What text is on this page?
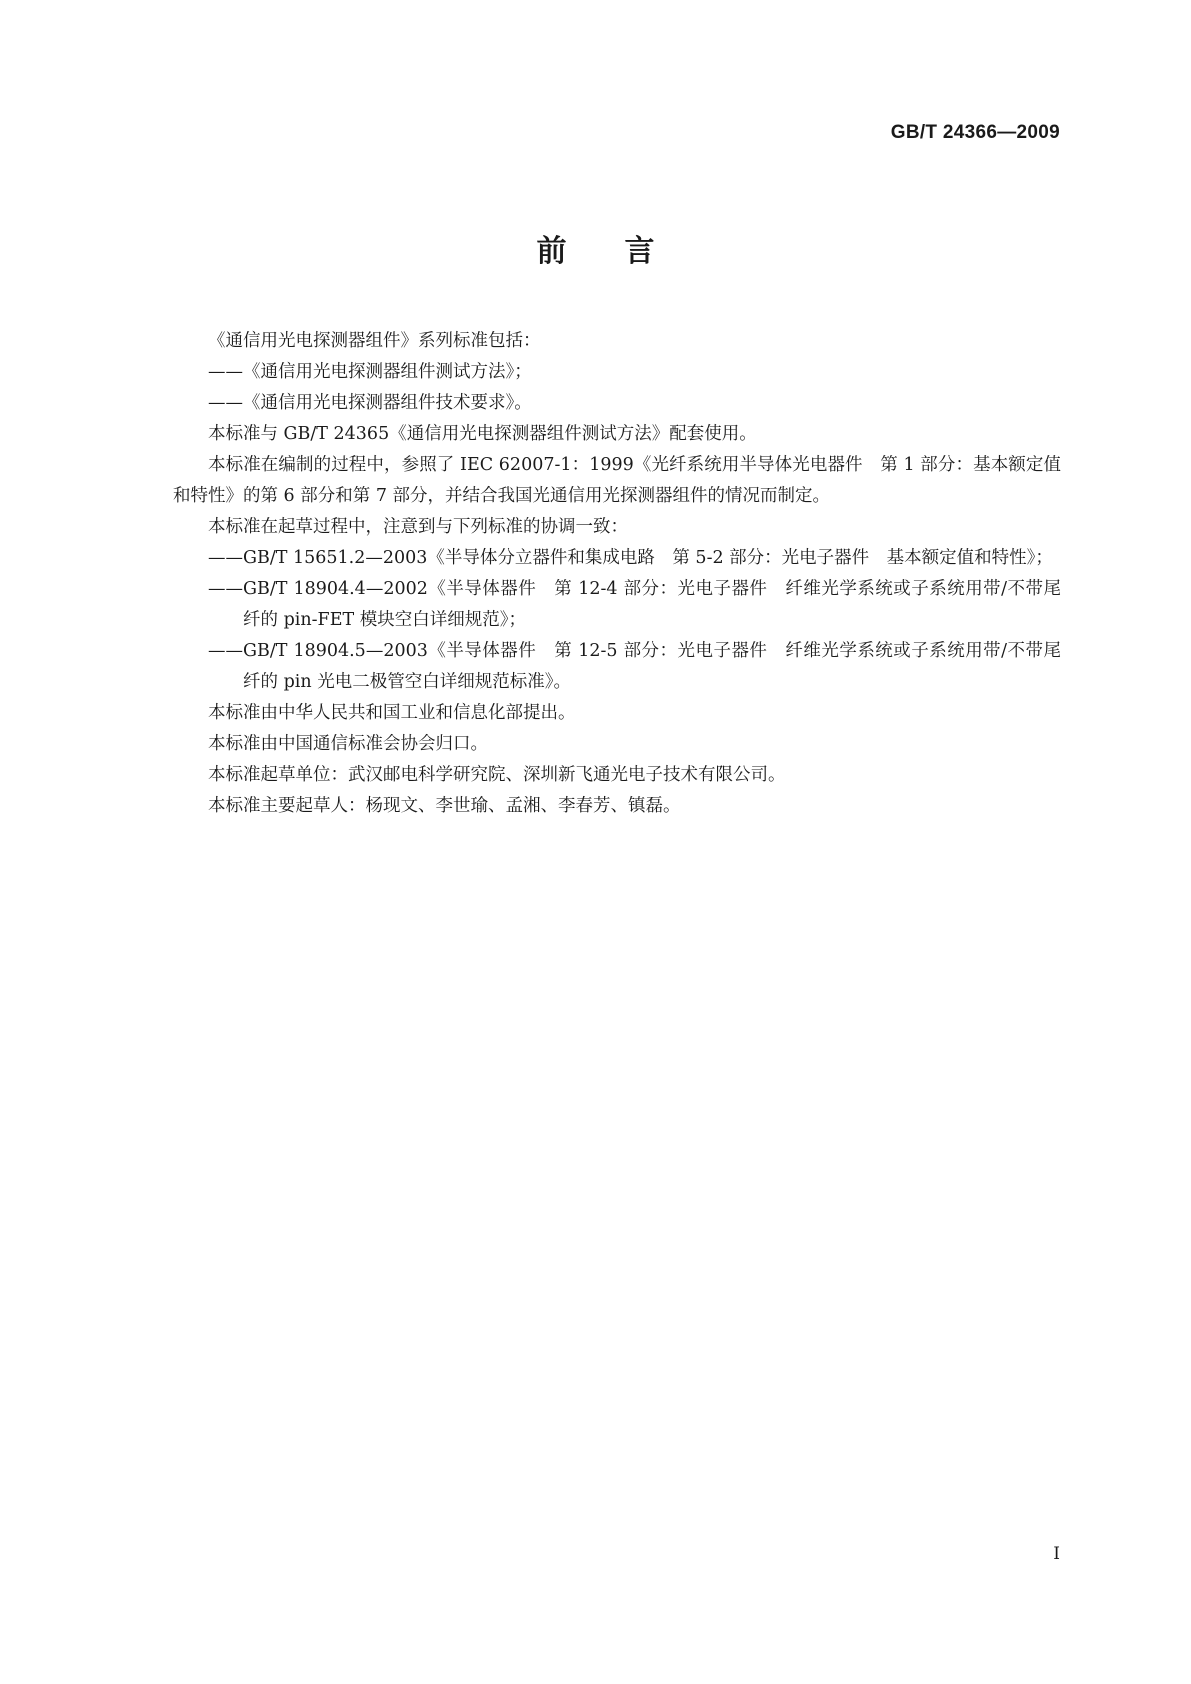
GB/T 24366—2009
前 言

《通信用光电探测器组件》系列标准包括：

——《通信用光电探测器组件测试方法》；

——《通信用光电探测器组件技术要求》。

本标准与 GB/T 24365《通信用光电探测器组件测试方法》配套使用。

本标准在编制的过程中，参照了 IEC 62007-1：1999《光纤系统用半导体光电器件　第 1 部分：基本额定值和特性》的第 6 部分和第 7 部分，并结合我国光通信用光探测器组件的情况而制定。

本标准在起草过程中，注意到与下列标准的协调一致：

——GB/T 15651.2—2003《半导体分立器件和集成电路　第 5-2 部分：光电子器件　基本额定值和特性》；

——GB/T 18904.4—2002《半导体器件　第 12-4 部分：光电子器件　纤维光学系统或子系统用带/不带尾纤的 pin-FET 模块空白详细规范》；

——GB/T 18904.5—2003《半导体器件　第 12-5 部分：光电子器件　纤维光学系统或子系统用带/不带尾纤的 pin 光电二极管空白详细规范标准》。

本标准由中华人民共和国工业和信息化部提出。

本标准由中国通信标准会协会归口。

本标准起草单位：武汉邮电科学研究院、深圳新飞通光电子技术有限公司。

本标准主要起草人：杨现文、李世瑜、孟湘、李春芳、镇磊。

I
